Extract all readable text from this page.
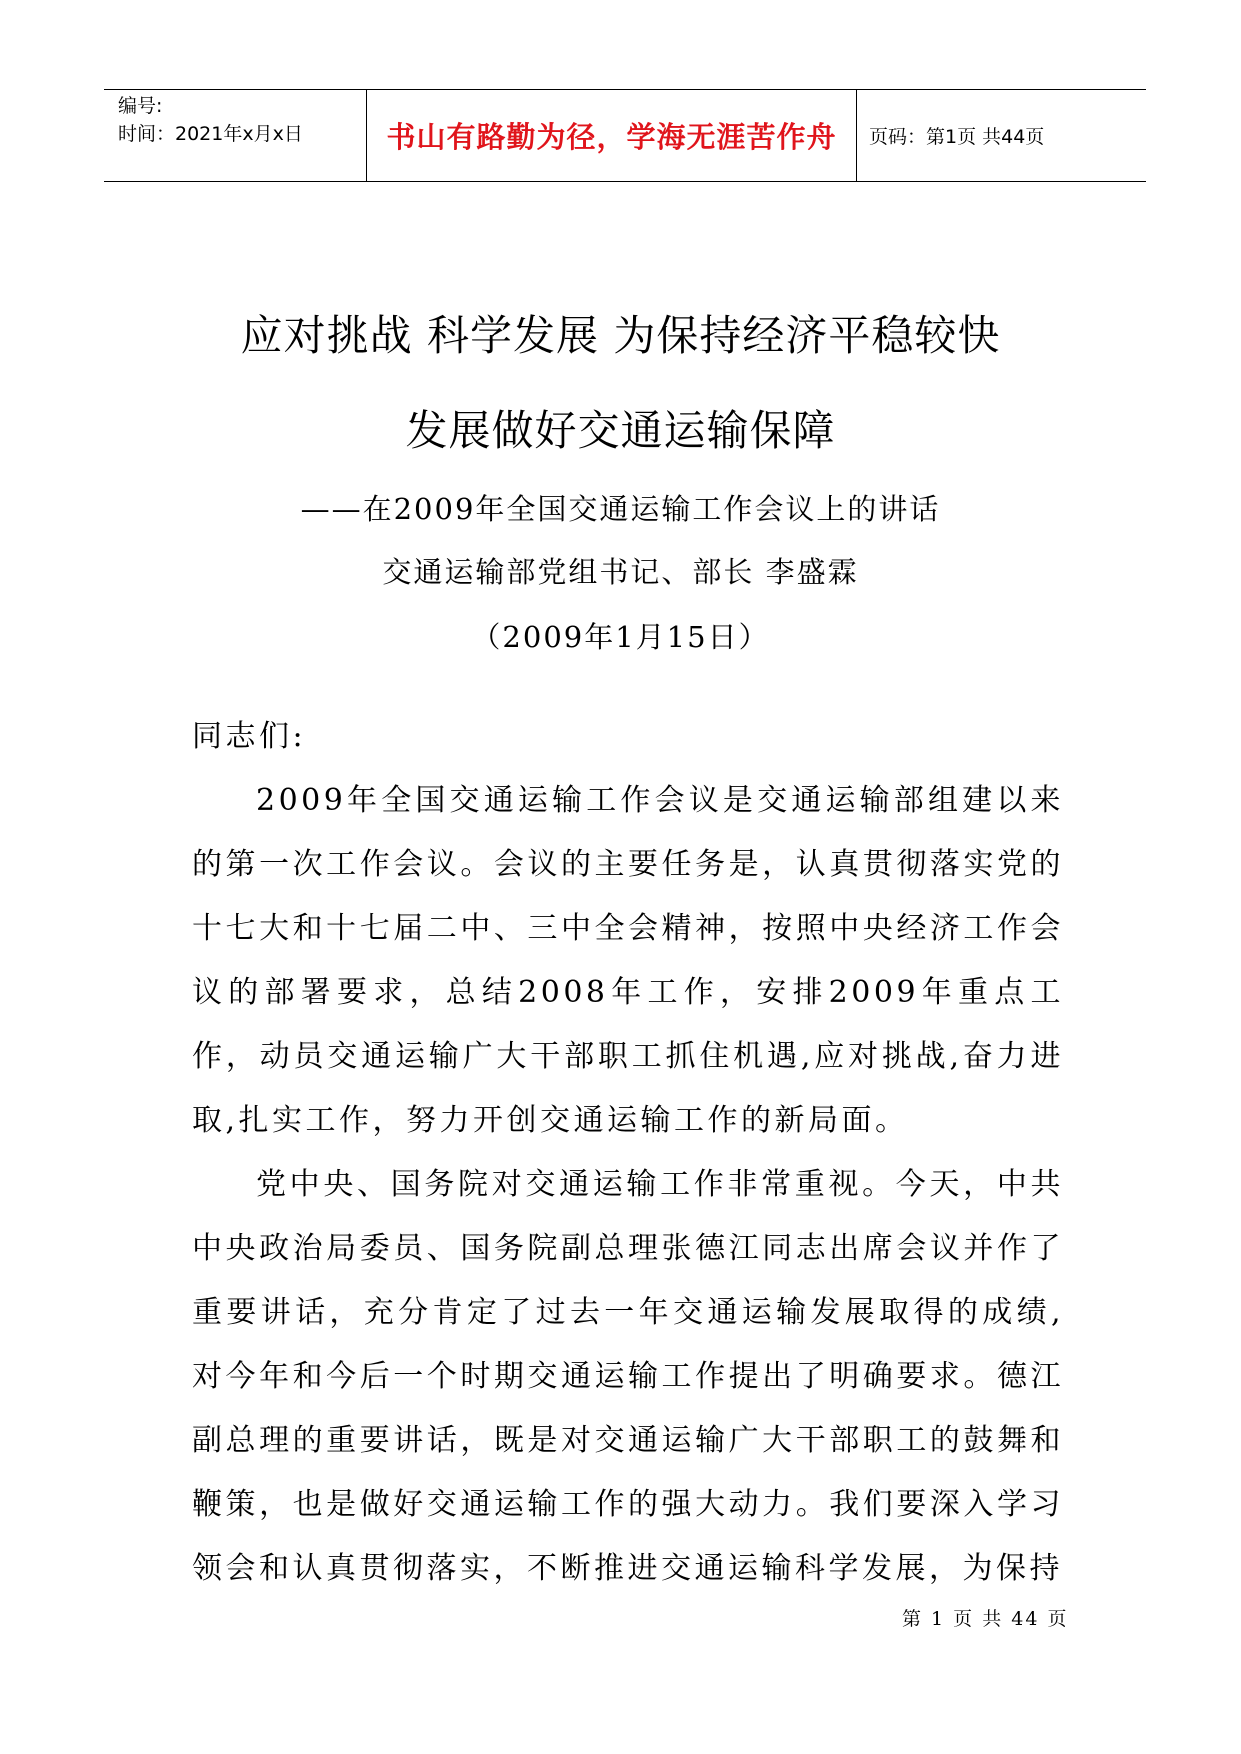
编号:
时间：2021年x月x日	书山有路勤为径，学海无涯苦作舟 页码：第1页 共44页
应对挑战 科学发展 为保持经济平稳较快
发展做好交通运输保障
——在2009年全国交通运输工作会议上的讲话
交通运输部党组书记、部长 李盛霖
（2009年1月15日）
同志们:
2009年全国交通运输工作会议是交通运输部组建以来的第一次工作会议。会议的主要任务是，认真贯彻落实党的十七大和十七届二中、三中全会精神，按照中央经济工作会议的部署要求，总结2008年工作，安排2009年重点工作，动员交通运输广大干部职工抓住机遇,应对挑战,奋力进取,扎实工作，努力开创交通运输工作的新局面。
党中央、国务院对交通运输工作非常重视。今天，中共中央政治局委员、国务院副总理张德江同志出席会议并作了重要讲话，充分肯定了过去一年交通运输发展取得的成绩,对今年和今后一个时期交通运输工作提出了明确要求。德江副总理的重要讲话，既是对交通运输广大干部职工的鼓舞和鞭策，也是做好交通运输工作的强大动力。我们要深入学习领会和认真贯彻落实，不断推进交通运输科学发展，为保持
第 1 页 共 44 页
